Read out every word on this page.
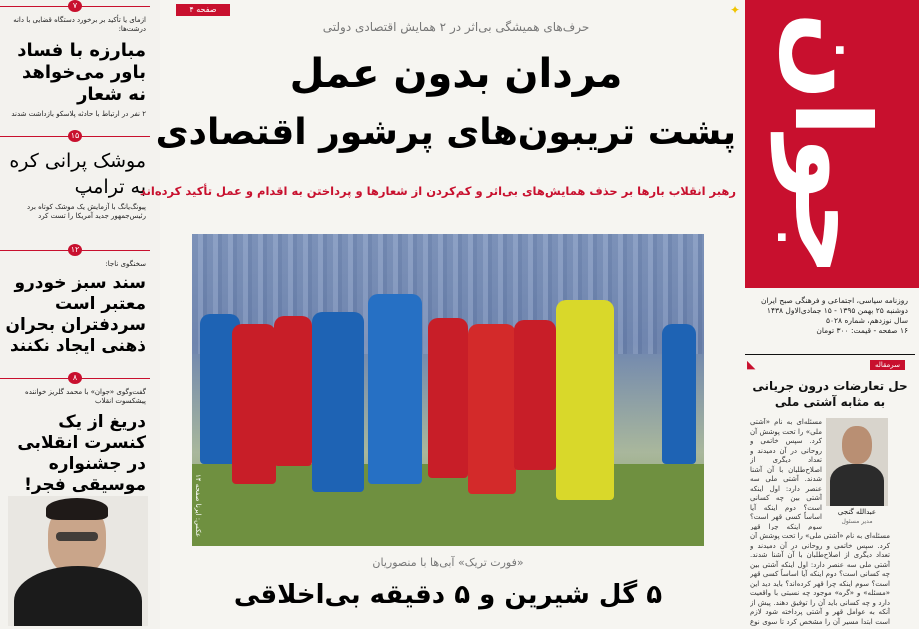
۷
ازمای یا تأکید بر برخورد دستگاه قضایی با دانه درشت‌ها:
مبارزه با فساد باور می‌خواهد نه شعار
۲ نفر در ارتباط با حادثه پلاسکو بازداشت شدند
۱۵
موشک پرانی کره به ترامپ
پیونگ‌یانگ با آزمایش یک موشک کوتاه برد رئیس‌جمهور جدید آمریکا را تست کرد
۱۲
سخنگوی ناجا:
سند سبز خودرو معتبر است سردفتران بحران ذهنی ایجاد نکنند
۸
گفت‌وگوی «جوان» با محمد گلریز خواننده پیشکسوت انقلاب
دریغ از یک کنسرت انقلابی در جشنواره موسیقی فجر!
صفحه ۴
حرف‌های همیشگی بی‌اثر در ۲ همایش اقتصادی دولتی
مردان بدون عمل
پشت تریبون‌های پرشور اقتصادی
رهبر انقلاب بارها بر حذف همایش‌های بی‌اثر و کم‌کردن از شعارها و پرداختن به اقدام و عمل تأکید کرده‌اند
عکس: ایرنا صفحه ۱۴
«فورت تریک» آبی‌ها با منصوریان
۵ گل شیرین و ۵ دقیقه بی‌اخلاقی
✦
جوان
روزنامه سیاسی، اجتماعی و فرهنگی صبح ایران
دوشنبه ۲۵ بهمن ۱۳۹۵ - ۱۵ جمادی‌الاول ۱۴۳۸
سال نوزدهم، شماره ۵۰۲۸
۱۶ صفحه - قیمت: ۳۰۰ تومان
سرمقاله
◣
حل تعارضات درون جریانی به مثابه آشتی ملی
عبدالله گنجی
مدیر مسئول
مسئله‌ای به نام «آشتی ملی» را تحت پوشش آن کرد. سپس خاتمی و روحانی در آن دمیدند و تعداد دیگری از اصلاح‌طلبان با آن آشنا شدند. آشتی ملی سه عنصر دارد: اول اینکه آشتی بین چه کسانی است؟ دوم اینکه آیا اساساً کسی قهر است؟ سوم اینکه چرا قهر
مسئله‌ای به نام «آشتی ملی» را تحت پوشش آن کرد. سپس خاتمی و روحانی در آن دمیدند و تعداد دیگری از اصلاح‌طلبان با آن آشنا شدند. آشتی ملی سه عنصر دارد: اول اینکه آشتی بین چه کسانی است؟ دوم اینکه آیا اساساً کسی قهر است؟ سوم اینکه چرا قهر کرده‌اند؟ باید دید این «مسئله» و «گره» موجود چه نسبتی با واقعیت دارد و چه کسانی باید آن را توفیق دهند. پیش از آنکه به عوامل قهر و آشتی پرداخته شود لازم است ابتدا مسیر آن را مشخص کرد تا سوی نوع
